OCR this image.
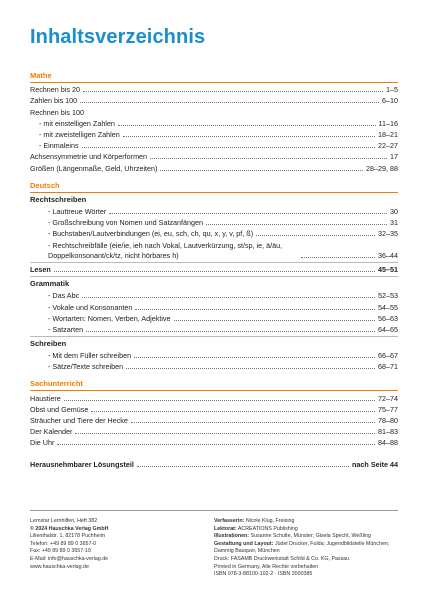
Inhaltsverzeichnis
Mathe
Rechnen bis 20	1–5
Zahlen bis 100	6–10
Rechnen bis 100
- mit einstelligen Zahlen	11–16
- mit zweistelligen Zahlen	18–21
- Einmaleins	22–27
Achsensymmetrie und Körperformen	17
Größen (Längenmaße, Geld, Uhrzeiten)	28–29, 88
Deutsch
Rechtschreiben
- Lauttreue Wörter	30
- Großschreibung von Nomen und Satzanfängen	31
- Buchstaben/Lautverbindungen (ei, eu, sch, ch, qu, x, y, v, pf, ß)	32–35
- Rechtschreibfälle (eie/ie, ieh nach Vokal, Lautverkürzung, st/sp, ie, ä/äu, Doppelkonsonant/ck/tz, nicht hörbares h)	36–44
Lesen	45–51
Grammatik
- Das Abc	52–53
- Vokale und Konsonanten	54–55
- Wortarten: Nomen, Verben, Adjektive	56–63
- Satzarten	64–65
Schreiben
- Mit dem Füller schreiben	66–67
- Sätze/Texte schreiben	68–71
Sachunterricht
Haustiere	72–74
Obst und Gemüse	75–77
Sträucher und Tiere der Hecke	78–80
Der Kalender	81–83
Die Uhr	84–88
Herausnehmbarer Lösungsteil	nach Seite 44
Lernstar Lernhilfen, Heft 382
© 2024 Hauschka Verlag GmbH
Lilienthalstr. 1, 82178 Puchheim
Telefon: +49 89 89 0 3657-0
Fax: +49 89 89 0 3657-19
E-Mail: info@hauschka-verlag.de
www.hauschka-verlag.de
Verfasserin: Nicole Klug, Freising
Lektorat: ACREATIONS Publishing
Illustrationen: Susanne Schulte, Münster; Gisela Specht, Weßling
Gestaltung und Layout: Jüdel Drucker, Fulda; Jugendbildstelle München;
Dammig Bauquer, München
Druck: FASAMB Druckwerkstatt Schild & Co. KG, Passau
Printed in Germany, Alle Rechte vorbehalten
ISBN 978-3-88100-102-2 · ISBN 2000385
